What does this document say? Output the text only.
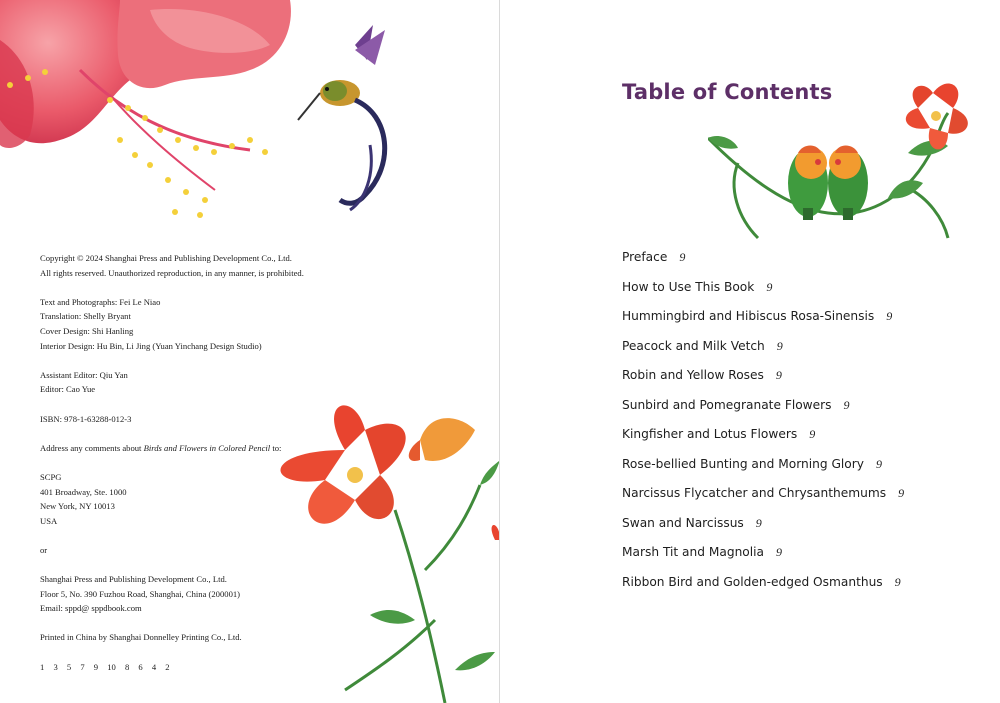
Copyright © 2024 Shanghai Press and Publishing Development Co., Ltd.

All rights reserved. Unauthorized reproduction, in any manner, is prohibited.

Text and Photographs: Fei Le Niao

Translation: Shelly Bryant

Cover Design: Shi Hanling

Interior Design: Hu Bin, Li Jing (Yuan Yinchang Design Studio)

Assistant Editor: Qiu Yan

Editor: Cao Yue

ISBN: 978-1-63288-012-3

Address any comments about Birds and Flowers in Colored Pencil to:

SCPG

401 Broadway, Ste. 1000

New York, NY 10013

USA

or

Shanghai Press and Publishing Development Co., Ltd.

Floor 5, No. 390 Fuzhou Road, Shanghai, China (200001)

Email: sppd@ sppdbook.com

Printed in China by Shanghai Donnelley Printing Co., Ltd.

1 3 5 7 9 10 8 6 4 2

Table of Contents
Preface 9
How to Use This Book 9
Hummingbird and Hibiscus Rosa-Sinensis 9
Peacock and Milk Vetch 9
Robin and Yellow Roses 9
Sunbird and Pomegranate Flowers 9
Kingfisher and Lotus Flowers 9
Rose-bellied Bunting and Morning Glory 9
Narcissus Flycatcher and Chrysanthemums 9
Swan and Narcissus 9
Marsh Tit and Magnolia 9
Ribbon Bird and Golden-edged Osmanthus 9
